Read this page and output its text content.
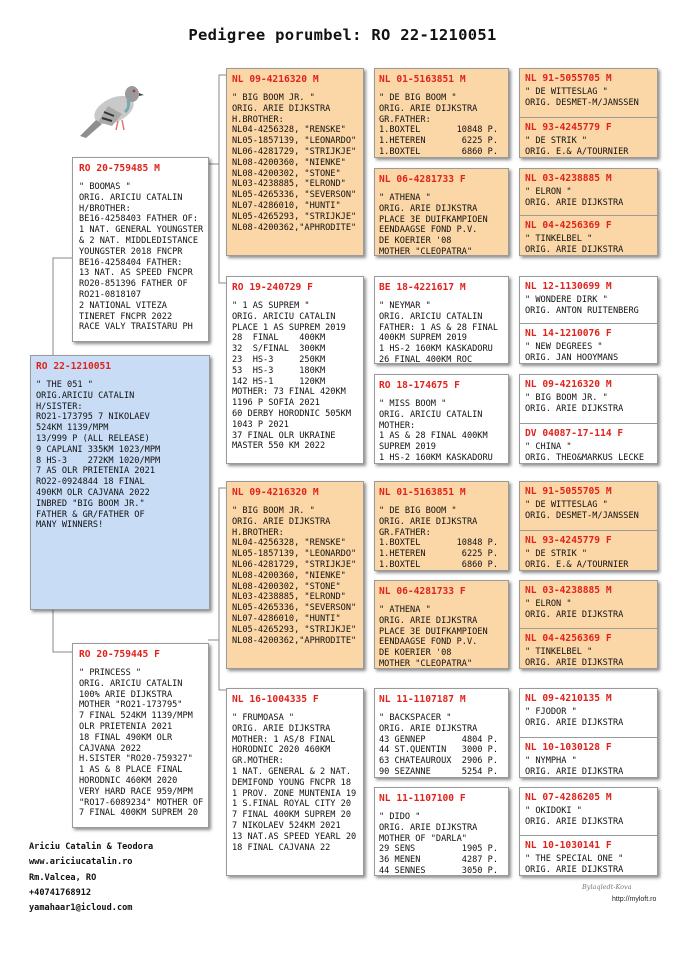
Pedigree porumbel: RO 22-1210051
RO 22-1210051
" THE 051 "
ORIG.ARICIU CATALIN
H/SISTER:
RO21-173795 7 NIKOLAEV
524KM 1139/MPM
13/999 P (ALL RELEASE)
9 CAPLANI 335KM 1023/MPM
8 HS-3    272KM 1020/MPM
7 AS OLR PRIETENIA 2021
RO22-0924844 18 FINAL
490KM OLR CAJVANA 2022
INBRED "BIG BOOM JR."
FATHER & GR/FATHER OF
MANY WINNERS!
RO 20-759485 M
" BOOMAS "
ORIG. ARICIU CATALIN
H/BROTHER:
BE16-4258403 FATHER OF:
1 NAT. GENERAL YOUNGSTER
& 2 NAT. MIDDLEDISTANCE
YOUNGSTER 2018 FNCPR
BE16-4258404 FATHER:
13 NAT. AS SPEED FNCPR
RO20-851396 FATHER OF
RO21-0818107
2 NATIONAL VITEZA
TINERET FNCPR 2022
RACE VALY TRAISTARU PH
RO 20-759445 F
" PRINCESS "
ORIG. ARICIU CATALIN
100% ARIE DIJKSTRA
MOTHER "RO21-173795"
7 FINAL 524KM 1139/MPM
OLR PRIETENIA 2021
18 FINAL 490KM OLR
CAJVANA 2022
H.SISTER "RO20-759327"
1 AS & 8 PLACE FINAL
HORODNIC 460KM 2020
VERY HARD RACE 959/MPM
"RO17-6089234" MOTHER OF
7 FINAL 400KM SUPREM 20
NL 09-4216320 M
" BIG BOOM JR. "
ORIG. ARIE DIJKSTRA
H.BROTHER:
NL04-4256328, "RENSKE"
NL05-1857139, "LEONARDO"
NL06-4281729, "STRIJKJE"
NL08-4200360, "NIENKE"
NL08-4200302, "STONE"
NL03-4238885, "ELROND"
NL05-4265336, "SEVERSON"
NL07-4286010, "HUNTI"
NL05-4265293, "STRIJKJE"
NL08-4200362,"APHRODITE"
RO 19-240729 F
" 1 AS SUPREM "
ORIG. ARICIU CATALIN
PLACE 1 AS SUPREM 2019
28  FINAL    400KM
32  S/FINAL  300KM
23  HS-3     250KM
53  HS-3     180KM
142 HS-1     120KM
MOTHER: 73 FINAL 420KM
1196 P SOFIA 2021
60 DERBY HORODNIC 505KM
1043 P 2021
37 FINAL OLR UKRAINE
MASTER 550 KM 2022
NL 09-4216320 M
" BIG BOOM JR. "
ORIG. ARIE DIJKSTRA
H.BROTHER:
NL04-4256328, "RENSKE"
NL05-1857139, "LEONARDO"
NL06-4281729, "STRIJKJE"
NL08-4200360, "NIENKE"
NL08-4200302, "STONE"
NL03-4238885, "ELROND"
NL05-4265336, "SEVERSON"
NL07-4286010, "HUNTI"
NL05-4265293, "STRIJKJE"
NL08-4200362,"APHRODITE"
NL 16-1004335 F
" FRUMOASA "
ORIG. ARIE DIJKSTRA
MOTHER: 1 AS/8 FINAL
HORODNIC 2020 460KM
GR.MOTHER:
1 NAT. GENERAL & 2 NAT.
DEMIFOND YOUNG FNCPR 18
1 PROV. ZONE MUNTENIA 19
1 S.FINAL ROYAL CITY 20
7 FINAL 400KM SUPREM 20
7 NIKOLAEV 524KM 2021
13 NAT.AS SPEED YEARL 20
18 FINAL CAJVANA 22
NL 01-5163851 M
" DE BIG BOOM "
ORIG. ARIE DIJKSTRA
GR.FATHER:
1.BOXTEL       10848 P.
1.HETEREN       6225 P.
1.BOXTEL        6860 P.
NL 06-4281733 F
" ATHENA "
ORIG. ARIE DIJKSTRA
PLACE 3E DUIFKAMPIOEN
EENDAAGSE FOND P.V.
DE KOERIER '08
MOTHER "CLEOPATRA"
BE 18-4221617 M
" NEYMAR "
ORIG. ARICIU CATALIN
FATHER: 1 AS & 28 FINAL
400KM SUPREM 2019
1 HS-2 160KM KASKADORU
26 FINAL 400KM ROC
RO 18-174675 F
" MISS BOOM "
ORIG. ARICIU CATALIN
MOTHER:
1 AS & 28 FINAL 400KM
SUPREM 2019
1 HS-2 160KM KASKADORU
NL 01-5163851 M
" DE BIG BOOM "
ORIG. ARIE DIJKSTRA
GR.FATHER:
1.BOXTEL       10848 P.
1.HETEREN       6225 P.
1.BOXTEL        6860 P.
NL 06-4281733 F
" ATHENA "
ORIG. ARIE DIJKSTRA
PLACE 3E DUIFKAMPIOEN
EENDAAGSE FOND P.V.
DE KOERIER '08
MOTHER "CLEOPATRA"
NL 11-1107187 M
" BACKSPACER "
ORIG. ARIE DIJKSTRA
43 GENNEP       4804 P.
44 ST.QUENTIN   3000 P.
63 CHATEAUROUX  2906 P.
90 SEZANNE      5254 P.
NL 11-1107100 F
" DIDO "
ORIG. ARIE DIJKSTRA
MOTHER OF "DARLA"
29 SENS         1905 P.
36 MENEN        4287 P.
44 SENNES       3050 P.
NL 91-5055705 M
" DE WITTESLAG "
ORIG. DESMET-M/JANSSEN
NL 93-4245779 F
" DE STRIK "
ORIG. E.& A/TOURNIER
NL 03-4238885 M
" ELRON "
ORIG. ARIE DIJKSTRA
NL 04-4256369 F
" TINKELBEL "
ORIG. ARIE DIJKSTRA
NL 12-1130699 M
" WONDERE DIRK "
ORIG. ANTON RUITENBERG
NL 14-1210076 F
" NEW DEGREES "
ORIG. JAN HOOYMANS
NL 09-4216320 M
" BIG BOOM JR. "
ORIG. ARIE DIJKSTRA
DV 04087-17-114 F
" CHINA "
ORIG. THEO&MARKUS LECKE
NL 91-5055705 M
" DE WITTESLAG "
ORIG. DESMET-M/JANSSEN
NL 93-4245779 F
" DE STRIK "
ORIG. E.& A/TOURNIER
NL 03-4238885 M
" ELRON "
ORIG. ARIE DIJKSTRA
NL 04-4256369 F
" TINKELBEL "
ORIG. ARIE DIJKSTRA
NL 09-4210135 M
" FJODOR "
ORIG. ARIE DIJKSTRA
NL 10-1030128 F
" NYMPHA "
ORIG. ARIE DIJKSTRA
NL 07-4286205 M
" OKIDOKI "
ORIG. ARIE DIJKSTRA
NL 10-1030141 F
" THE SPECIAL ONE "
ORIG. ARIE DIJKSTRA
Ariciu Catalin & Teodora
www.ariciucatalin.ro
Rm.Valcea, RO
+40741768912
yamahaar1@icloud.com
Bylaqledt-Kova
http://myloft.ro
